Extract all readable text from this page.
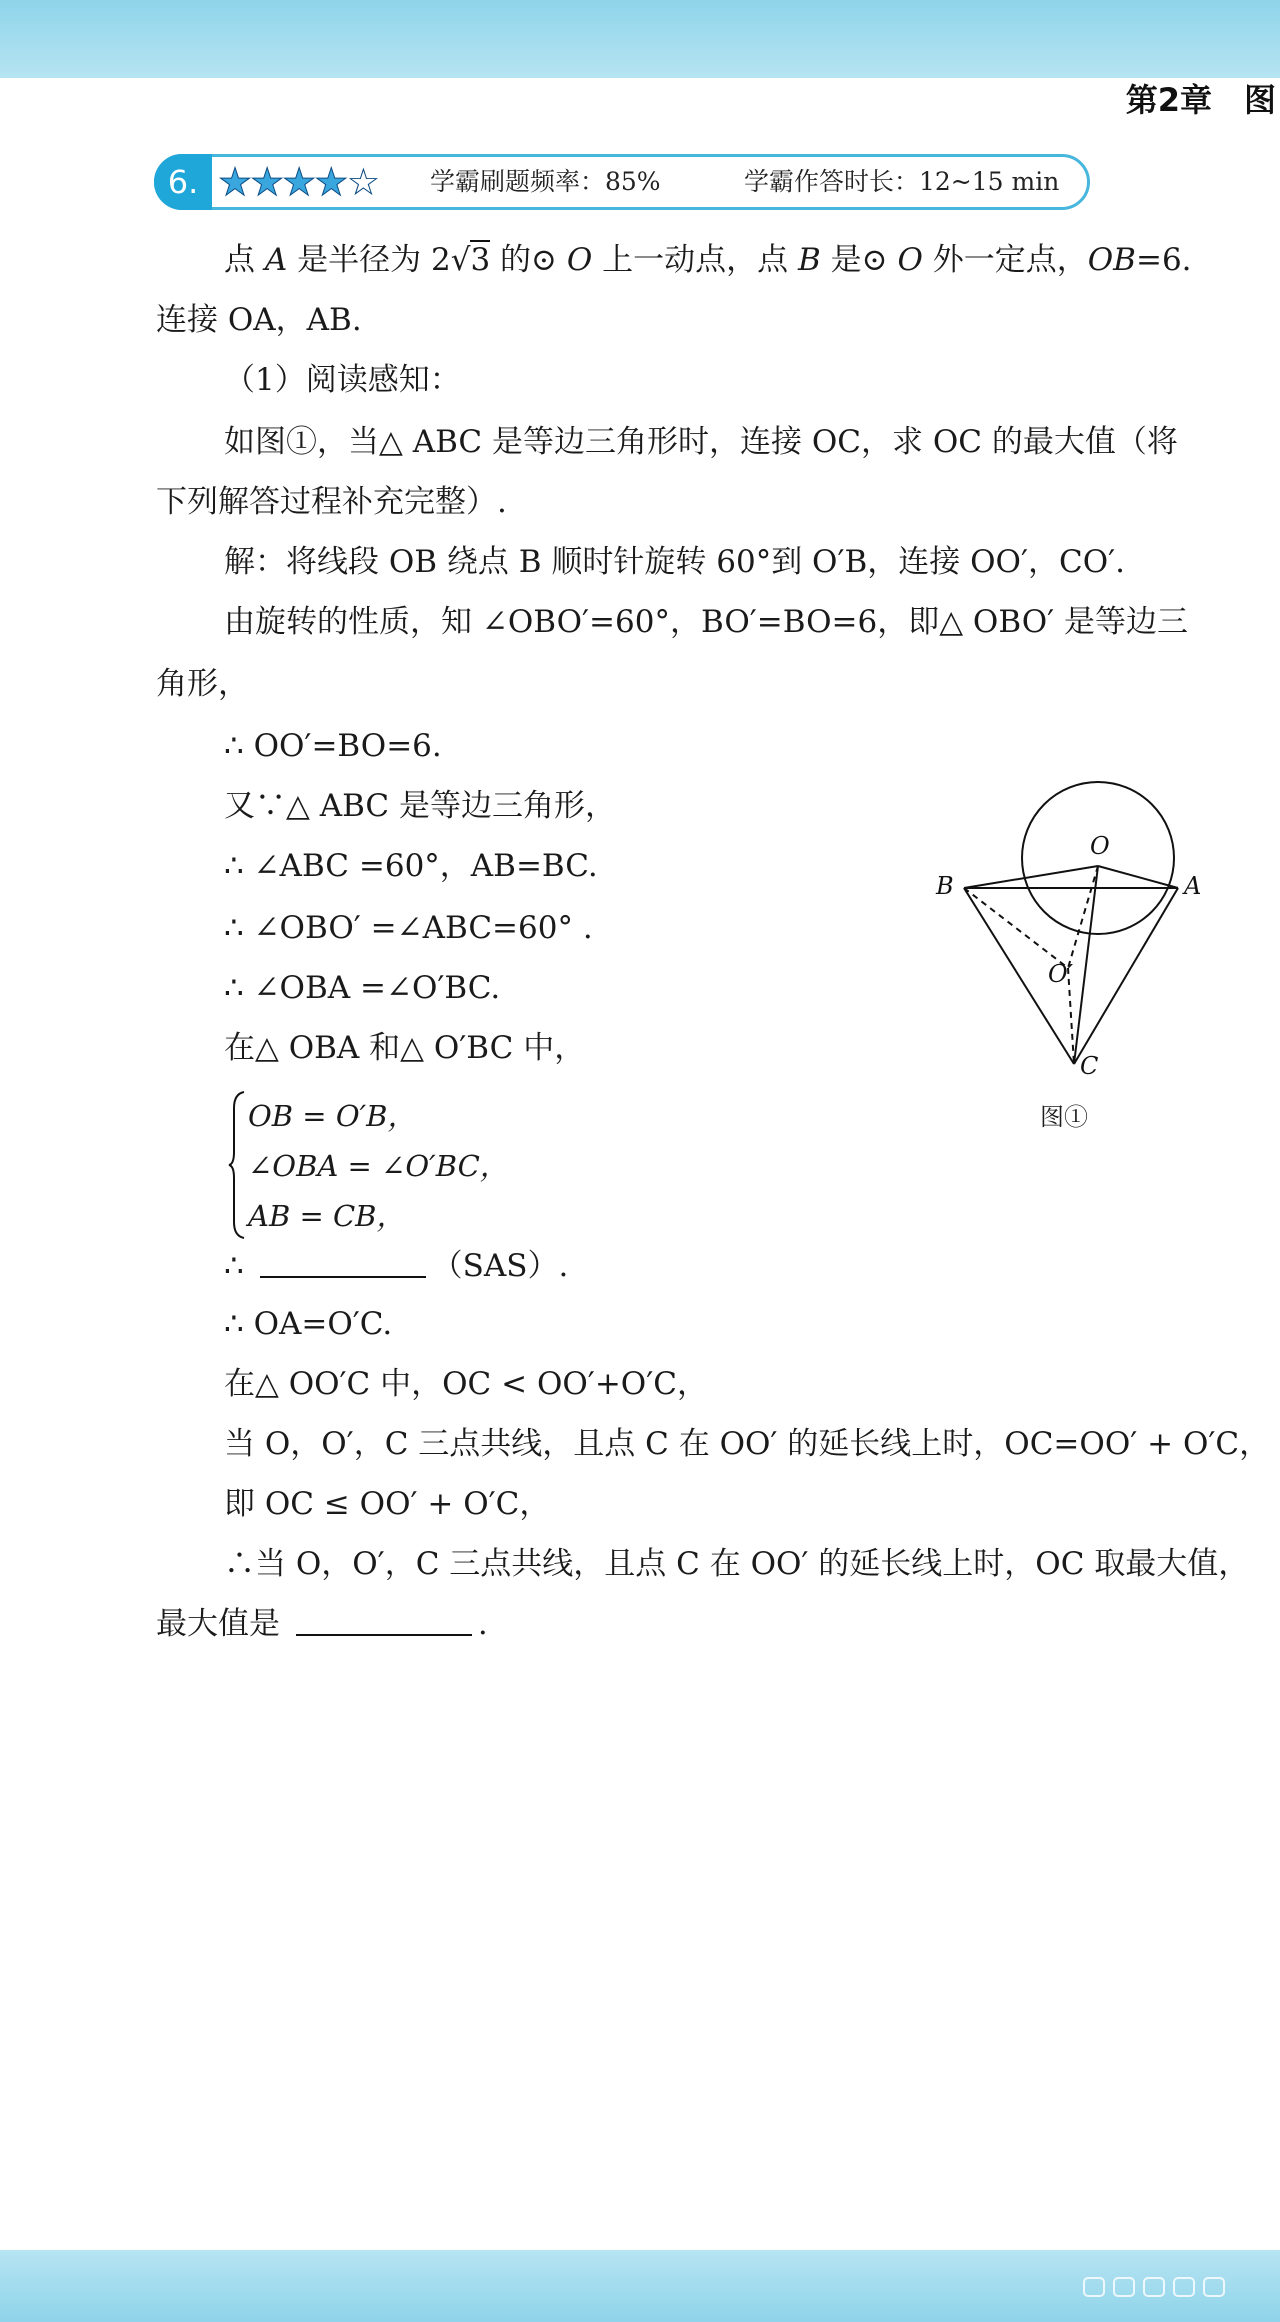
第2章　图
6. ★★★★☆ 学霸刷题频率：85%	学霸作答时长：12~15 min
点 A 是半径为 2√3 的⊙ O 上一动点，点 B 是⊙ O 外一定点，OB=6.
连接 OA，AB.
（1）阅读感知：
如图①，当△ ABC 是等边三角形时，连接 OC，求 OC 的最大值（将
下列解答过程补充完整）.
解：将线段 OB 绕点 B 顺时针旋转 60°到 O′B，连接 OO′，CO′.
由旋转的性质，知 ∠OBO′=60°，BO′=BO=6，即△ OBO′ 是等边三
角形，
∴ OO′=BO=6.
又∵△ ABC 是等边三角形，
∴ ∠ABC =60°，AB=BC.
∴ ∠OBO′ =∠ABC=60° .
∴ ∠OBA =∠O′BC.
在△ OBA 和△ O′BC 中，
OB = O′B，
∠OBA = ∠O′BC，
AB = CB，
∴	（SAS）.
∴ OA=O′C.
在△ OO′C 中，OC < OO′+O′C，
当 O，O′，C 三点共线，且点 C 在 OO′ 的延长线上时，OC=OO′ + O′C，
即 OC ≤ OO′ + O′C，
∴当 O，O′，C 三点共线，且点 C 在 OO′ 的延长线上时，OC 取最大值，
最大值是	.
O
A
B
C
O′
图①
